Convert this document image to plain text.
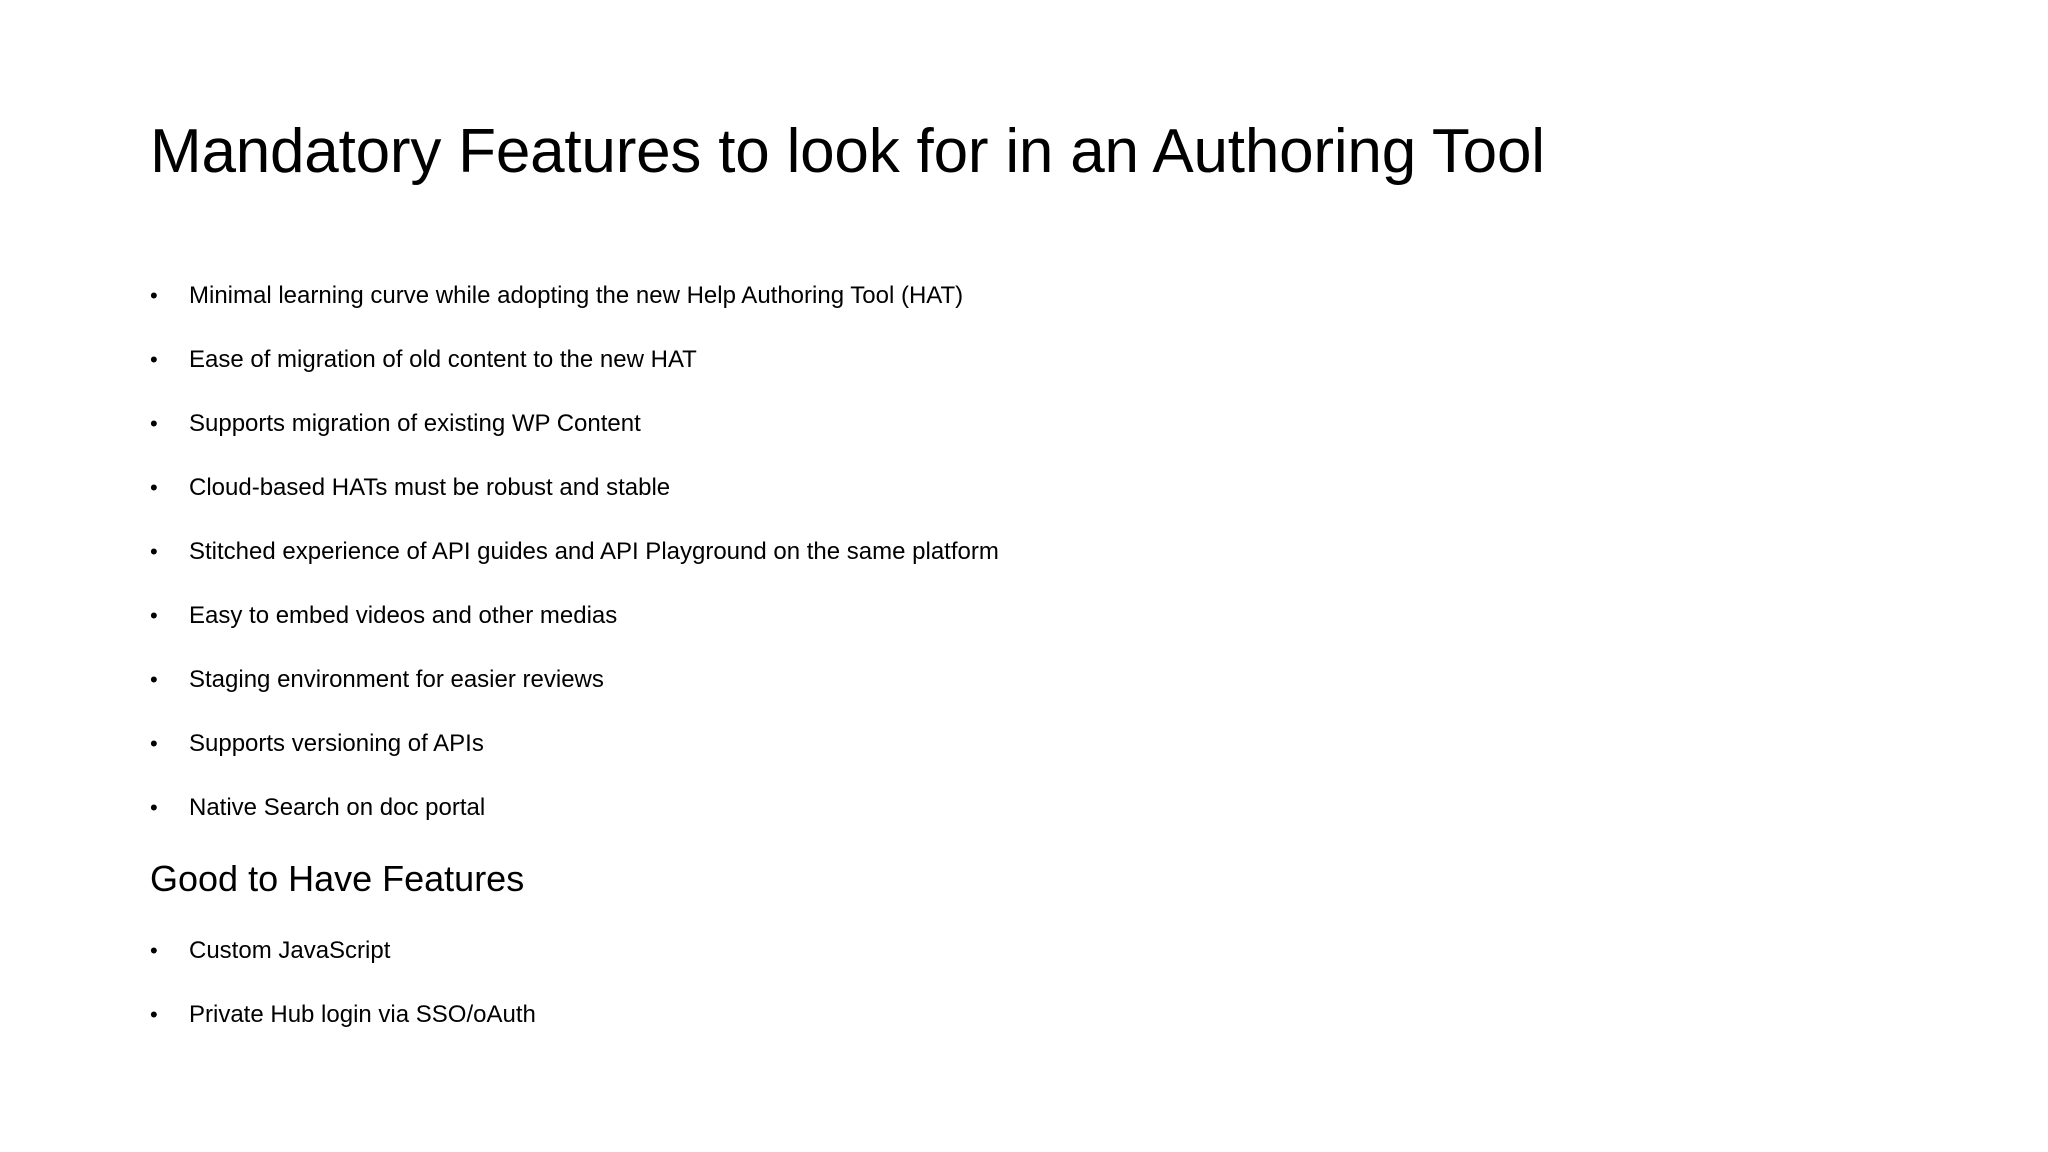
Mandatory Features to look for in an Authoring Tool
•	Minimal learning curve while adopting the new Help Authoring Tool (HAT)
•	Ease of migration of old content to the new HAT
•	Supports migration of existing WP Content
•	Cloud-based HATs must be robust and stable
•	Stitched experience of API guides and API Playground on the same platform
•	Easy to embed videos and other medias
•	Staging environment for easier reviews
•	Supports versioning of APIs
•	Native Search on doc portal
Good to Have Features
•	Custom JavaScript
•	Private Hub login via SSO/oAuth
